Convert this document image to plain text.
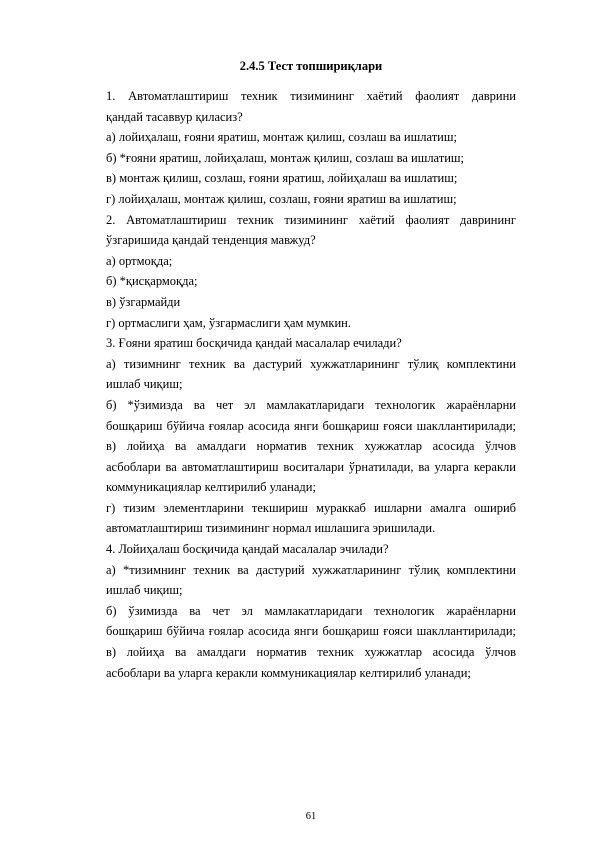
2.4.5 Тест топшириқлари
1. Автоматлаштириш техник тизимининг хаётий фаолият даврини
қандай тасаввур қиласиз?
а) лойиҳалаш, ғояни яратиш, монтаж қилиш, созлаш ва ишлатиш;
б) *ғояни яратиш, лойиҳалаш, монтаж қилиш, созлаш ва ишлатиш;
в) монтаж қилиш, созлаш, ғояни яратиш, лойиҳалаш ва ишлатиш;
г) лойиҳалаш, монтаж қилиш, созлаш, ғояни яратиш ва ишлатиш;
2. Автоматлаштириш техник тизимининг хаётий фаолият даврининг
ўзгаришида қандай тенденция мавжуд?
а) ортмоқда;
б) *қисқармоқда;
в) ўзгармайди
г) ортмаслиги ҳам, ўзгармаслиги ҳам мумкин.
3. Ғояни яратиш босқичида қандай масалалар ечилади?
а) тизимнинг техник ва дастурий хужжатларининг тўлиқ комплектини
ишлаб чиқиш;
б) *ўзимизда ва чет эл мамлакатларидаги технологик жараёнларни
бошқариш бўйича ғоялар асосида янги бошқариш ғояси шакллантирилади;
в) лойиҳа ва амалдаги норматив техник хужжатлар асосида ўлчов
асбоблари ва автоматлаштириш воситалари ўрнатилади, ва уларга керакли
коммуникациялар келтирилиб уланади;
г) тизим элементларини текшириш мураккаб ишларни амалга ошириб
автоматлаштириш тизимининг нормал ишлашига эришилади.
4. Лойиҳалаш босқичида қандай масалалар эчилади?
а) *тизимнинг техник ва дастурий хужжатларининг тўлиқ комплектини
ишлаб чиқиш;
б) ўзимизда ва чет эл мамлакатларидаги технологик жараёнларни
бошқариш бўйича ғоялар асосида янги бошқариш ғояси шакллантирилади;
в) лойиҳа ва амалдаги норматив техник хужжатлар асосида ўлчов
асбоблари ва уларга керакли коммуникациялар келтирилиб уланади;
61
